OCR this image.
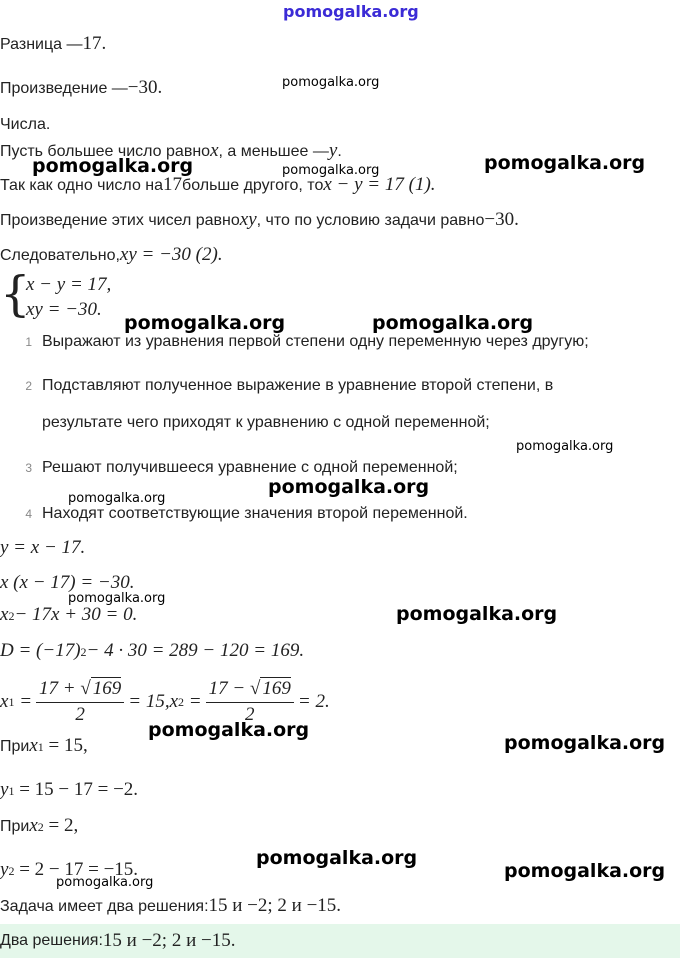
pomogalka.org
pomogalka.org
pomogalka.org
pomogalka.org	pomogalka.org
pomogalka.org	pomogalka.org
pomogalka.org
pomogalka.org
pomogalka.org
pomogalka.org
pomogalka.org
pomogalka.org
pomogalka.org
pomogalka.org
pomogalka.org
pomogalka.org
Разница — 17.
Произведение — −30.
Числа.
Пусть большее число равно x , а меньшее — y .
Так как одно число на 17 больше другого, то x − y = 17 (1).
Произведение этих чисел равно xy , что по условию задачи равно −30.
Следовательно, xy = −30 (2).
{
x − y = 17,
xy = −30.
1 Выражают из уравнения первой степени одну переменную через другую;
2 Подставляют полученное выражение в уравнение второй степени, в
результате чего приходят к уравнению с одной переменной;
3 Решают получившееся уравнение с одной переменной;
4 Находят соответствующие значения второй переменной.
y = x − 17.
x (x − 17) = −30.
x 2 − 17x + 30 = 0.
D = (−17) 2 − 4 · 30 = 289 − 120 = 169.
x $1 = \frac{17 + √ 169}{2} = 15$, x $2 = \frac{17 - √ 169}{2} = 2$.
При x 1
= 15,
y 1
= 15 − 17 = −2.
При x 2
= 2,
y 2
= 2 − 17 = −15.
Задача имеет два решения: 15 и −2; 2 и −15.
Два решения: 15 и −2; 2 и −15.
